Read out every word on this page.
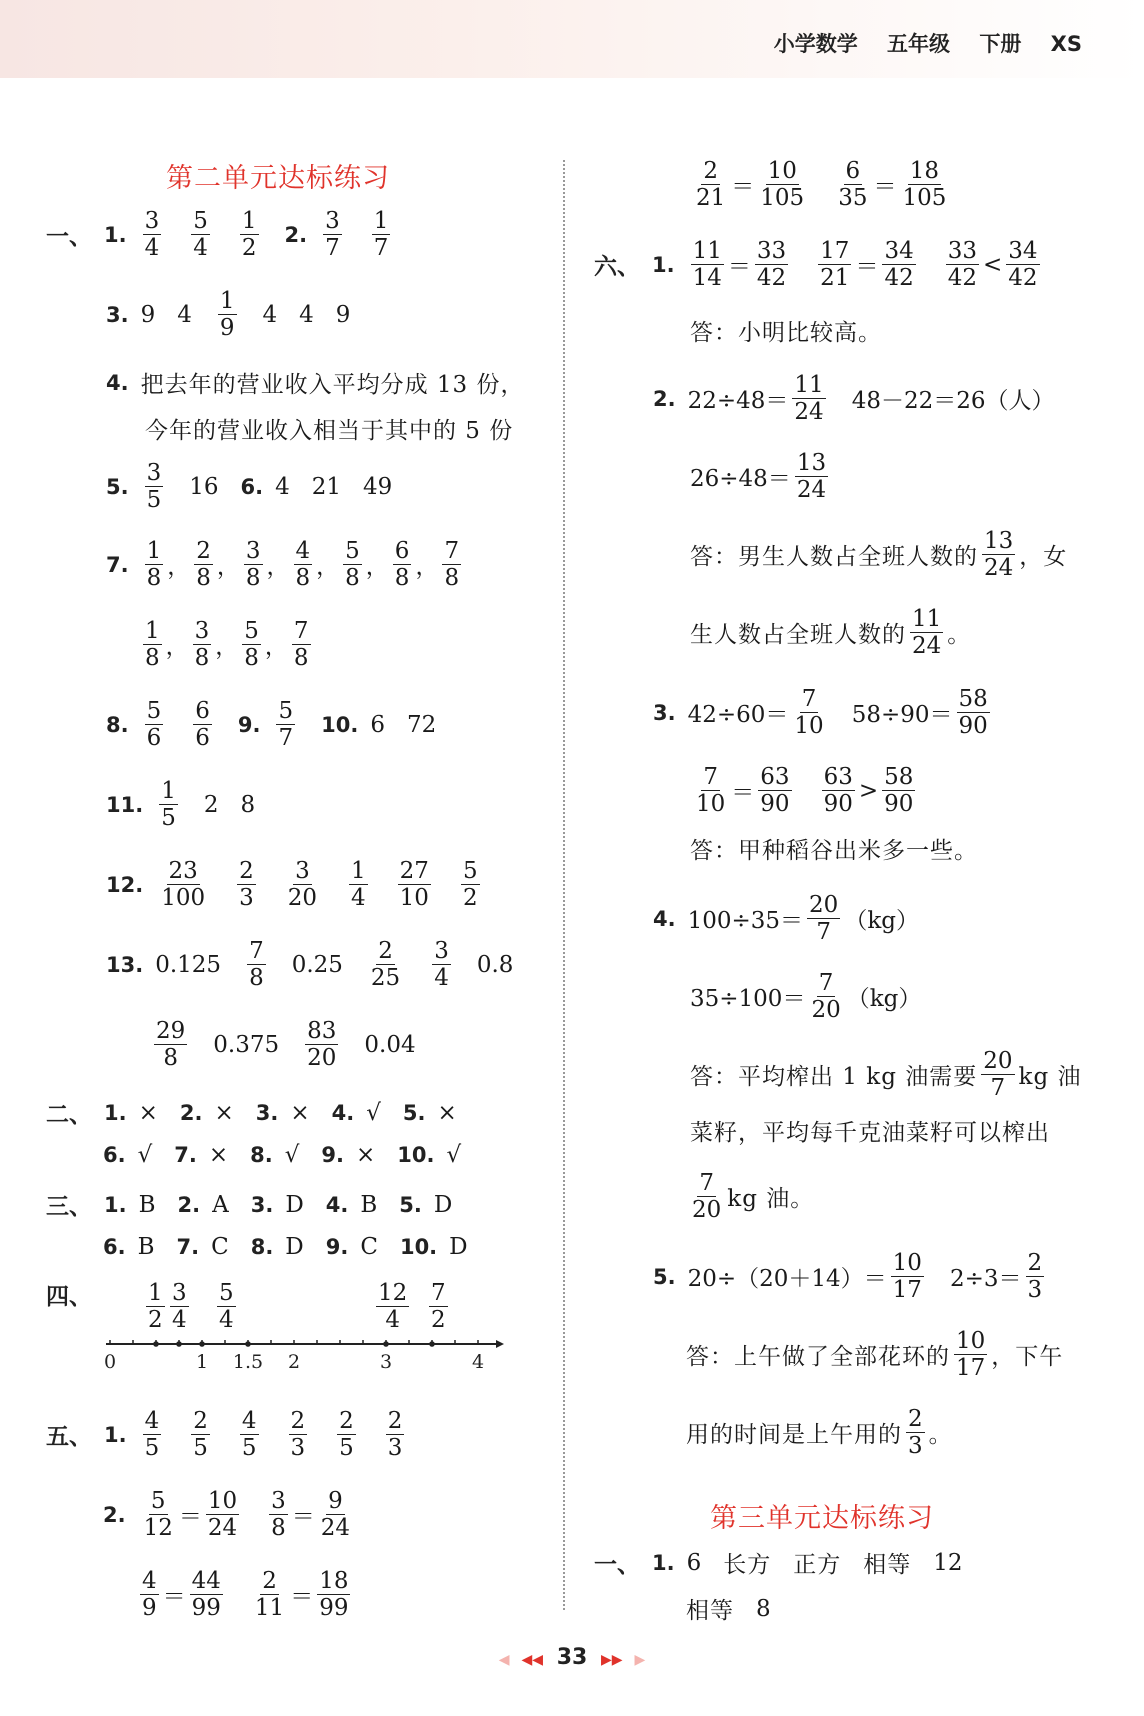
小学数学 五年级 下册 XS
第二单元达标练习
一、 1. $\frac{3}{4} \frac{5}{4} \frac{1}{2} 2$. $\frac{3}{7} \frac{1}{7}$
3. 9 $4 \frac{1}{9} 4$ 4 9
4. 把去年的营业收入平均分成 13 份，
今年的营业收入相当于其中的 5 份
5. $\frac{3}{5} 16$ 6. 4 21 49
7. $\frac{1}{8}$ ， $\frac{2}{8}$ ， $\frac{3}{8}$ ， $\frac{4}{8}$ ， $\frac{5}{8}$ ， $\frac{6}{8}$ ， $\frac{7}{8}$
$\frac{1}{8}$ ， $\frac{3}{8}$ ， $\frac{5}{8}$ ， $\frac{7}{8}$
8. $\frac{5}{6} \frac{6}{6} 9$. $\frac{5}{7} 10$. 6 72
11. $\frac{1}{5} 2$ 8
12. $\frac{23}{100} \frac{2}{3} \frac{3}{20} \frac{1}{4} \frac{27}{10} \frac{5}{2}$
13. $0.125 \frac{7}{8} 0.25 \frac{2}{25} \frac{3}{4} 0.8$
$\frac{29}{8} 0.375 \frac{83}{20} 0.04$
二、 1. × 2. × 3. × 4. √ 5. ×
6. √ 7. × 8. √ 9. × 10. √
三、 1. B 2. A 3. D 4. B 5. D
6. B 7. C 8. D 9. C 10. D
四、 $\frac{1}{2} \frac{3}{4} \frac{5}{4}$	$\frac{12}{4} \frac{7}{2}$
0	1 1.5 2	3	4
五、 1. $\frac{4}{5} \frac{2}{5} \frac{4}{5} \frac{2}{3} \frac{2}{5} \frac{2}{3}$
2. $\frac{5}{12} = \frac{10}{24} \frac{3}{8} = \frac{9}{24}$
$\frac{4}{9} = \frac{44}{99} \frac{2}{11} = \frac{18}{99}$
$\frac{2}{21} = \frac{10}{105} \frac{6}{35} = \frac{18}{105}$
六、 1. $\frac{11}{14} = \frac{33}{42} \frac{17}{21} = \frac{34}{42} \frac{33}{42} < \frac{34}{42}$
答：小明比较高。
2. $22\div 48= \frac{11}{24} 48-22=26$（人）
$26\div 48= \frac{13}{24}$
答：男生人数占全班人数的 $\frac{13}{24}$ ，女
生人数占全班人数的 $\frac{11}{24}$ 。
3. $42\div 60= \frac{7}{10} 58\div 90= \frac{58}{90}$
$\frac{7}{10} = \frac{63}{90} \frac{63}{90} > \frac{58}{90}$
答：甲种稻谷出米多一些。
4. $100\div 35= \frac{20}{7} (kg)$
$35\div 100= \frac{7}{20} (kg)$
答：平均榨出 1 kg 油需要 $\frac{20}{7}$ kg 油
菜籽，平均每千克油菜籽可以榨出
$\frac{7}{20}$ kg 油。
5. $20\div(20+14)= \frac{10}{17} 2\div 3= \frac{2}{3}$
答：上午做了全部花环的 $\frac{10}{17}$ ，下午
用的时间是上午用的 $\frac{2}{3}$ 。
第三单元达标练习
一、 1. 6 长方 正方 相等 12
相等 8
◀ ◀◀ 33 ▶▶ ▶
